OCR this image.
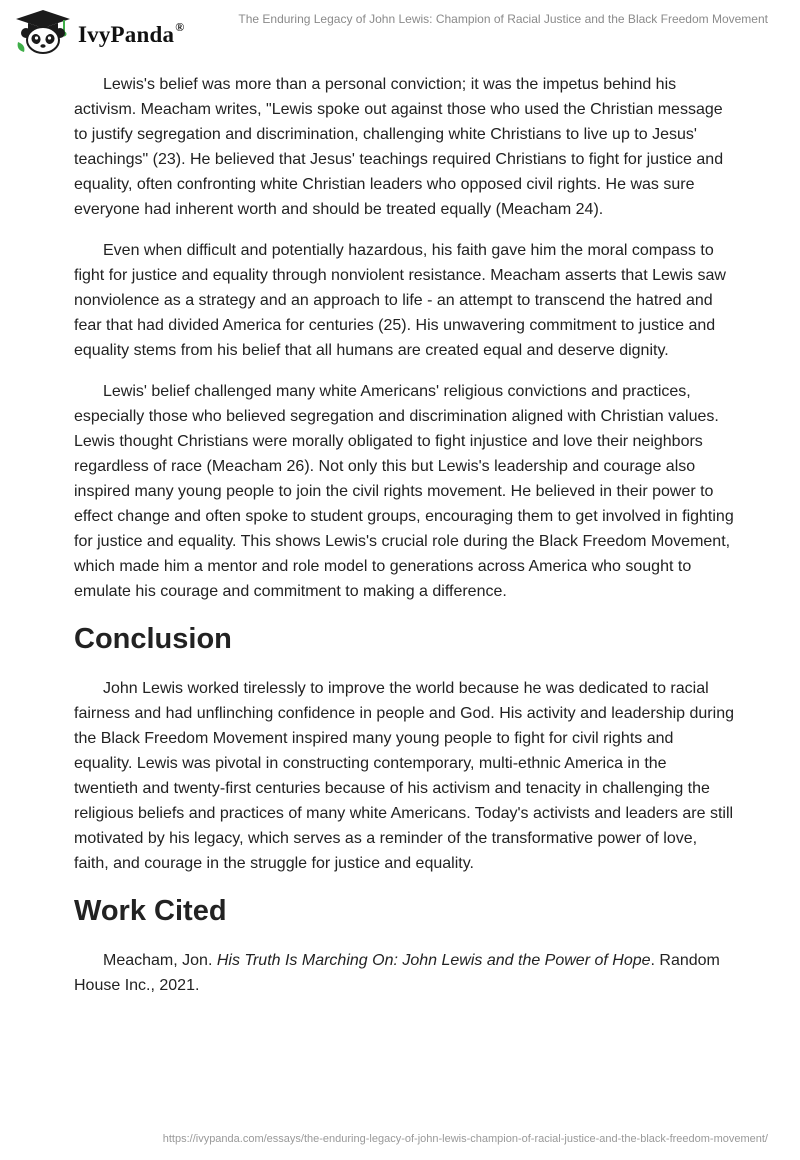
IvyPanda®
The Enduring Legacy of John Lewis: Champion of Racial Justice and the Black Freedom Movement

Lewis's belief was more than a personal conviction; it was the impetus behind his activism. Meacham writes, "Lewis spoke out against those who used the Christian message to justify segregation and discrimination, challenging white Christians to live up to Jesus' teachings" (23). He believed that Jesus' teachings required Christians to fight for justice and equality, often confronting white Christian leaders who opposed civil rights. He was sure everyone had inherent worth and should be treated equally (Meacham 24).

Even when difficult and potentially hazardous, his faith gave him the moral compass to fight for justice and equality through nonviolent resistance. Meacham asserts that Lewis saw nonviolence as a strategy and an approach to life - an attempt to transcend the hatred and fear that had divided America for centuries (25). His unwavering commitment to justice and equality stems from his belief that all humans are created equal and deserve dignity.

Lewis' belief challenged many white Americans' religious convictions and practices, especially those who believed segregation and discrimination aligned with Christian values. Lewis thought Christians were morally obligated to fight injustice and love their neighbors regardless of race (Meacham 26). Not only this but Lewis's leadership and courage also inspired many young people to join the civil rights movement. He believed in their power to effect change and often spoke to student groups, encouraging them to get involved in fighting for justice and equality. This shows Lewis's crucial role during the Black Freedom Movement, which made him a mentor and role model to generations across America who sought to emulate his courage and commitment to making a difference.

Conclusion

John Lewis worked tirelessly to improve the world because he was dedicated to racial fairness and had unflinching confidence in people and God. His activity and leadership during the Black Freedom Movement inspired many young people to fight for civil rights and equality. Lewis was pivotal in constructing contemporary, multi-ethnic America in the twentieth and twenty-first centuries because of his activism and tenacity in challenging the religious beliefs and practices of many white Americans. Today's activists and leaders are still motivated by his legacy, which serves as a reminder of the transformative power of love, faith, and courage in the struggle for justice and equality.

Work Cited

Meacham, Jon. His Truth Is Marching On: John Lewis and the Power of Hope. Random House Inc., 2021.

https://ivypanda.com/essays/the-enduring-legacy-of-john-lewis-champion-of-racial-justice-and-the-black-freedom-movement/
